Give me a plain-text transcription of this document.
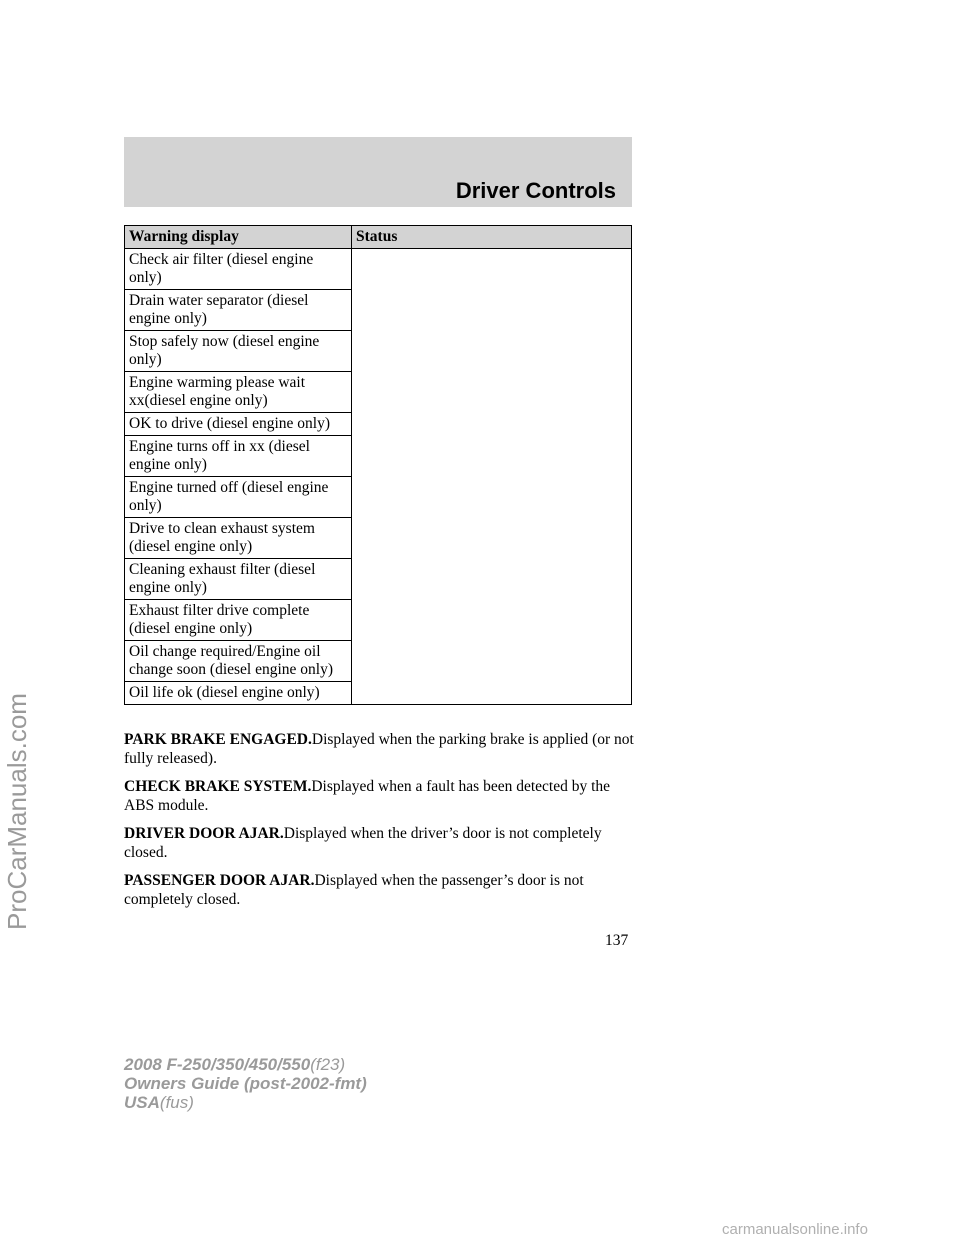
Driver Controls
ProCarManuals.com
Warning display	Status
Check air filter (diesel engine only)	
Drain water separator (diesel engine only)	
Stop safely now (diesel engine only)	
Engine warming please wait xx(diesel engine only)	
OK to drive (diesel engine only)	
Engine turns off in xx (diesel engine only)	
Engine turned off (diesel engine only)	
Drive to clean exhaust system (diesel engine only)	
Cleaning exhaust filter (diesel engine only)	
Exhaust filter drive complete (diesel engine only)	
Oil change required/Engine oil change soon (diesel engine only)	
Oil life ok (diesel engine only)	
PARK BRAKE ENGAGED.Displayed when the parking brake is applied (or not fully released).
CHECK BRAKE SYSTEM.Displayed when a fault has been detected by the ABS module.
DRIVER DOOR AJAR.Displayed when the driver’s door is not completely closed.
PASSENGER DOOR AJAR.Displayed when the passenger’s door is not completely closed.
137
2008 F-250/350/450/550(f23)
Owners Guide (post-2002-fmt)
USA(fus)
carmanualsonline.info
